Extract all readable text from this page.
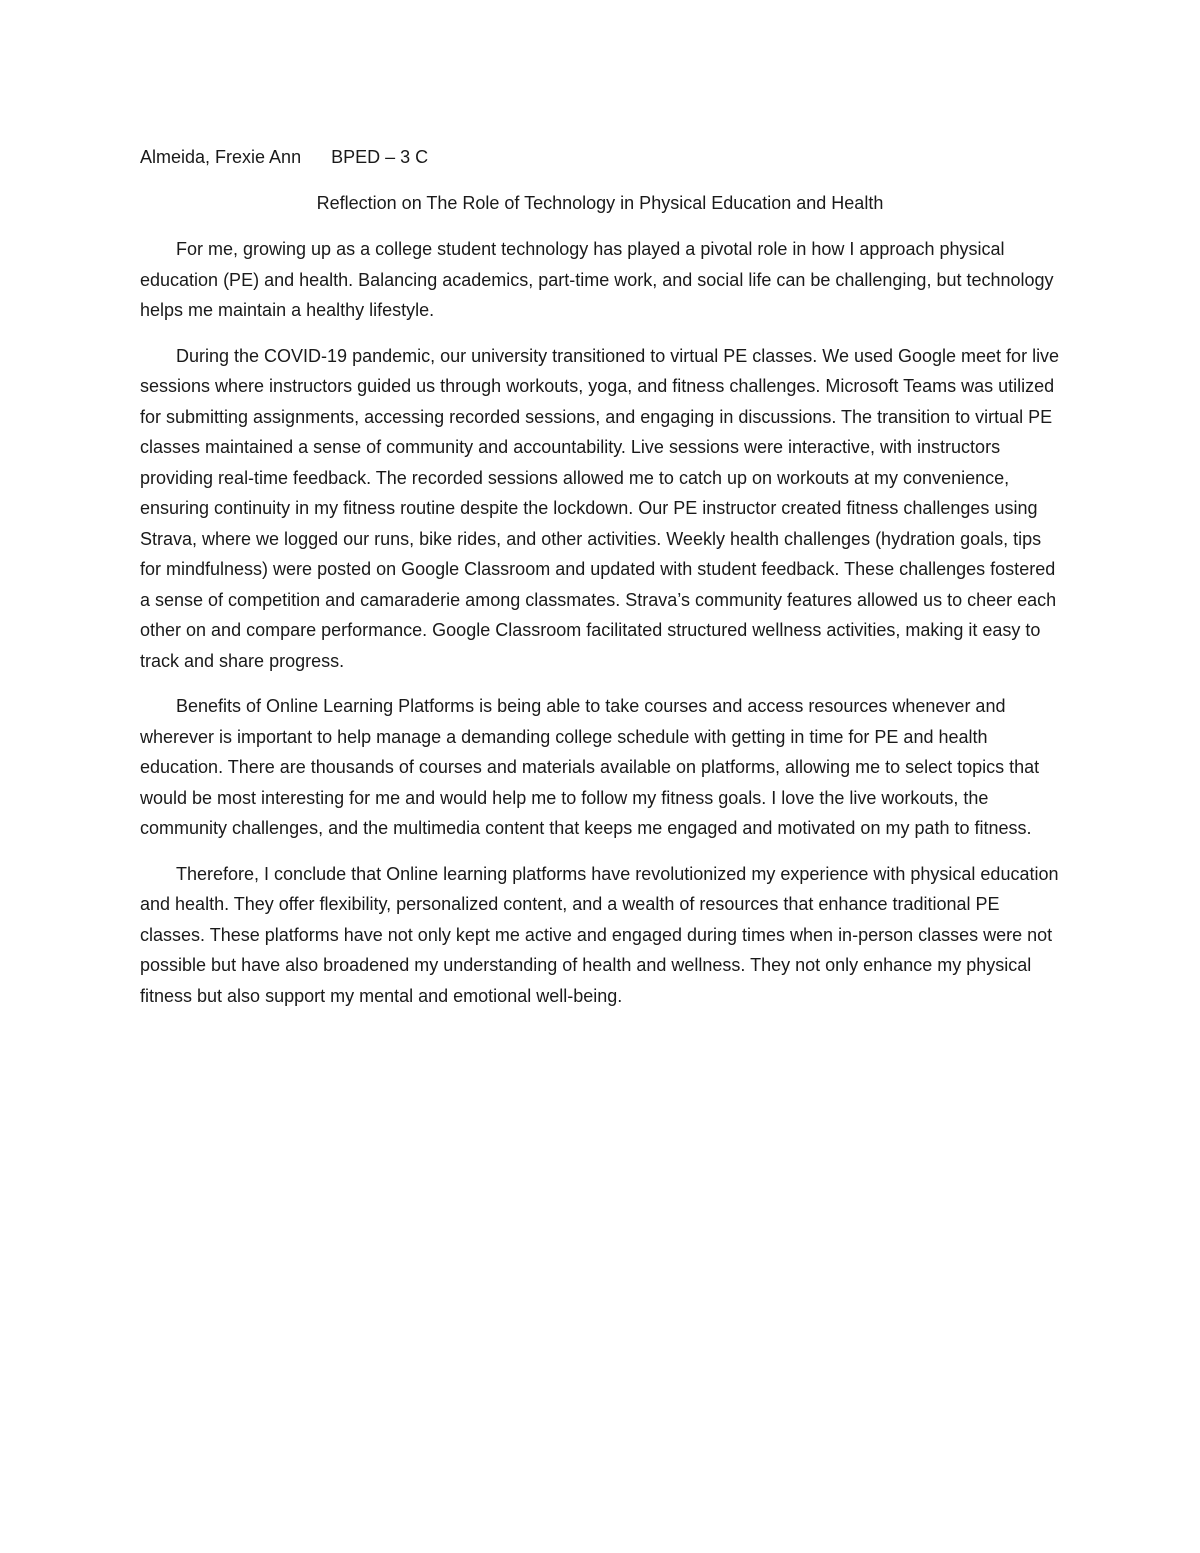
Almeida, Frexie Ann BPED – 3 C
Reflection on The Role of Technology in Physical Education and Health

For me, growing up as a college student technology has played a pivotal role in how I approach physical education (PE) and health. Balancing academics, part-time work, and social life can be challenging, but technology helps me maintain a healthy lifestyle.

During the COVID-19 pandemic, our university transitioned to virtual PE classes. We used Google meet for live sessions where instructors guided us through workouts, yoga, and fitness challenges. Microsoft Teams was utilized for submitting assignments, accessing recorded sessions, and engaging in discussions. The transition to virtual PE classes maintained a sense of community and accountability. Live sessions were interactive, with instructors providing real-time feedback. The recorded sessions allowed me to catch up on workouts at my convenience, ensuring continuity in my fitness routine despite the lockdown. Our PE instructor created fitness challenges using Strava, where we logged our runs, bike rides, and other activities. Weekly health challenges (hydration goals, tips for mindfulness) were posted on Google Classroom and updated with student feedback. These challenges fostered a sense of competition and camaraderie among classmates. Strava’s community features allowed us to cheer each other on and compare performance. Google Classroom facilitated structured wellness activities, making it easy to track and share progress.

Benefits of Online Learning Platforms is being able to take courses and access resources whenever and wherever is important to help manage a demanding college schedule with getting in time for PE and health education. There are thousands of courses and materials available on platforms, allowing me to select topics that would be most interesting for me and would help me to follow my fitness goals. I love the live workouts, the community challenges, and the multimedia content that keeps me engaged and motivated on my path to fitness.

Therefore, I conclude that Online learning platforms have revolutionized my experience with physical education and health. They offer flexibility, personalized content, and a wealth of resources that enhance traditional PE classes. These platforms have not only kept me active and engaged during times when in-person classes were not possible but have also broadened my understanding of health and wellness. They not only enhance my physical fitness but also support my mental and emotional well-being.
